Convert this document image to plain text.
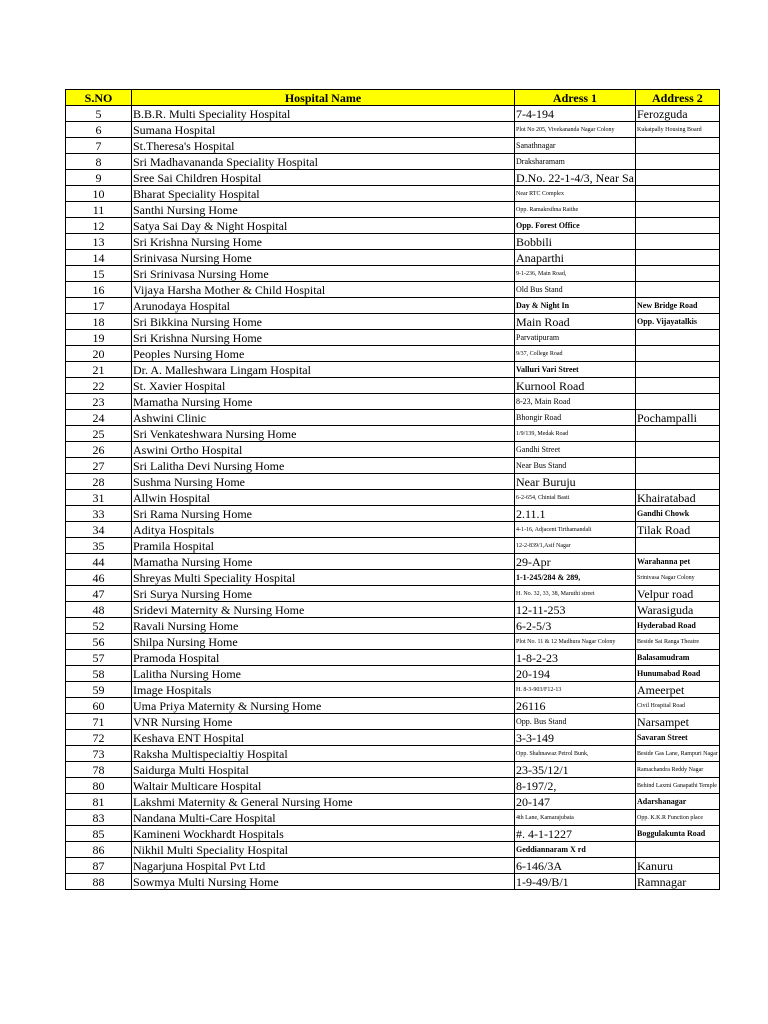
S.NO	Hospital Name	Adress 1	Address 2
5	B.B.R. Multi Speciality Hospital	7-4-194	Ferozguda
6	Sumana Hospital	Plot No 205, Vivekananda Nagar Colony	Kukatpally Housing Board
7	St.Theresa's Hospital	Sanathnagar	
8	Sri Madhavananda Speciality Hospital	Draksharamam	
9	Sree Sai Children Hospital	D.No. 22-1-4/3, Near Sa	
10	Bharat Speciality Hospital	Near RTC Complex	
11	Santhi Nursing Home	Opp. Ramakrsihna Raithe	
12	Satya Sai Day & Night Hospital	Opp. Forest Office	
13	Sri Krishna Nursing Home	Bobbili	
14	Srinivasa Nursing Home	Anaparthi	
15	Sri Srinivasa Nursing Home	9-1-236, Main Road,	
16	Vijaya Harsha Mother & Child Hospital	Old Bus Stand	
17	Arunodaya Hospital	Day & Night In	New Bridge Road
18	Sri Bikkina Nursing Home	Main Road	Opp. Vijayatalkis
19	Sri Krishna Nursing Home	Parvatipuram	
20	Peoples Nursing Home	9/37, College Road	
21	Dr. A. Malleshwara Lingam Hospital	Valluri Vari Street	
22	St. Xavier Hospital	Kurnool Road	
23	Mamatha Nursing Home	8-23, Main Road	
24	Ashwini Clinic	Bhongir Road	Pochampalli
25	Sri Venkateshwara Nursing Home	1/9/139, Medak Road	
26	Aswini Ortho Hospital	Gandhi Street	
27	Sri Lalitha Devi Nursing Home	Near Bus Stand	
28	Sushma Nursing Home	Near Buruju	
31	Allwin Hospital	6-2-654, Chintal Basti	Khairatabad
33	Sri Rama Nursing Home	2.11.1	Gandhi Chowk
34	Aditya Hospitals	4-1-16, Adjacent Tirthamandali	Tilak Road
35	Pramila Hospital	12-2-839/1,Asif Nagar	
44	Mamatha Nursing Home	29-Apr	Warahanna pet
46	Shreyas Multi Speciality Hospital	1-1-245/284 & 289,	Srinivasa Nagar Colony
47	Sri Surya Nursing Home	H. No. 32, 33, 38, Maruthi street	Velpur road
48	Sridevi Maternity & Nursing Home	12-11-253	Warasiguda
52	Ravali Nursing Home	6-2-5/3	Hyderabad Road
56	Shilpa Nursing Home	Plot No. 11 & 12 Madhura Nagar Colony	Beside Sai Ranga Theatre
57	Pramoda Hospital	1-8-2-23	Balasamudram
58	Lalitha Nursing Home	20-194	Hunumabad Road
59	Image Hospitals	H. 8-3-903/F12-13	Ameerpet
60	Uma Priya Maternity & Nursing Home	26116	Civil Hospital Road
71	VNR Nursing Home	Opp. Bus Stand	Narsampet
72	Keshava ENT Hospital	3-3-149	Savaran Street
73	Raksha Multispecialtiy Hospital	Opp. Shahnawaz Petrol Bunk,	Beside Gas Lane, Rampuri Nagar
78	Saidurga Multi Hospital	23-35/12/1	Ramachandra Reddy Nagar
80	Waltair Multicare Hospital	8-197/2,	Behind Laxmi Ganapathi Temple
81	Lakshmi Maternity & General Nursing Home	20-147	Adarshanagar
83	Nandana Multi-Care Hospital	4th Lane, Kamarajubata	Opp. K.K.R Function place
85	Kamineni Wockhardt Hospitals	#. 4-1-1227	Boggulakunta Road
86	Nikhil Multi Speciality Hospital	Geddiannaram X rd	
87	Nagarjuna Hospital Pvt Ltd	6-146/3A	Kanuru
88	Sowmya Multi Nursing Home	1-9-49/B/1	Ramnagar
